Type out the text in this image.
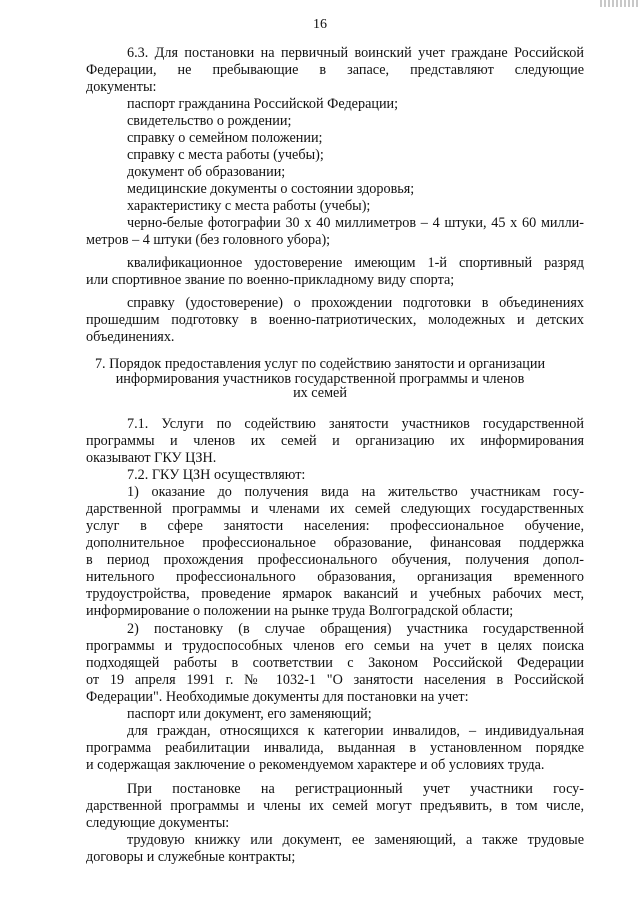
16
6.3. Для постановки на первичный воинский учет граждане Российской
Федерации, не пребывающие в запасе, представляют следующие
документы:
паспорт гражданина Российской Федерации;
свидетельство о рождении;
справку о семейном положении;
справку с места работы (учебы);
документ об образовании;
медицинские документы о состоянии здоровья;
характеристику с места работы (учебы);
черно-белые фотографии 30 х 40 миллиметров – 4 штуки, 45 х 60 милли-
метров – 4 штуки (без головного убора);
квалификационное удостоверение имеющим 1-й спортивный разряд
или спортивное звание по военно-прикладному виду спорта;
справку (удостоверение) о прохождении подготовки в объединениях
прошедшим подготовку в военно-патриотических, молодежных и детских
объединениях.
7. Порядок предоставления услуг по содействию занятости и организации
информирования участников государственной программы и членов
их семей
7.1. Услуги по содействию занятости участников государственной
программы и членов их семей и организацию их информирования
оказывают ГКУ ЦЗН.
7.2. ГКУ ЦЗН осуществляют:
1) оказание до получения вида на жительство участникам госу-
дарственной программы и членами их семей следующих государственных
услуг в сфере занятости населения: профессиональное обучение,
дополнительное профессиональное образование, финансовая поддержка
в период прохождения профессионального обучения, получения допол-
нительного профессионального образования, организация временного
трудоустройства, проведение ярмарок вакансий и учебных рабочих мест,
информирование о положении на рынке труда Волгоградской области;
2) постановку (в случае обращения) участника государственной
программы и трудоспособных членов его семьи на учет в целях поиска
подходящей работы в соответствии с Законом Российской Федерации
от 19 апреля 1991 г. № 1032-1 "О занятости населения в Российской
Федерации". Необходимые документы для постановки на учет:
паспорт или документ, его заменяющий;
для граждан, относящихся к категории инвалидов, – индивидуальная
программа реабилитации инвалида, выданная в установленном порядке
и содержащая заключение о рекомендуемом характере и об условиях труда.
При постановке на регистрационный учет участники госу-
дарственной программы и члены их семей могут предъявить, в том числе,
следующие документы:
трудовую книжку или документ, ее заменяющий, а также трудовые
договоры и служебные контракты;
